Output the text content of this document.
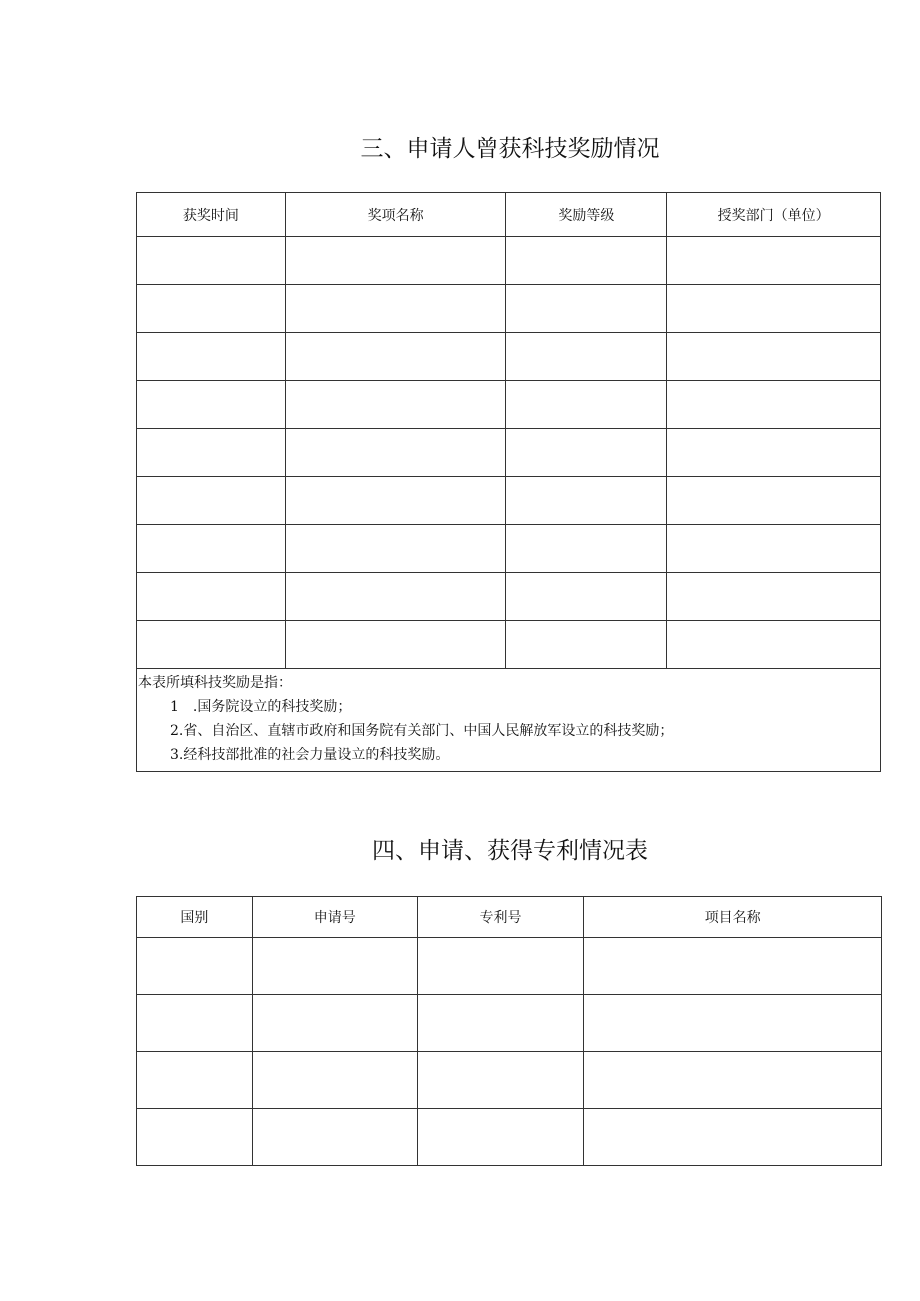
三、申请人曾获科技奖励情况
获奖时间	奖项名称	奖励等级	授奖部门（单位）

本表所填科技奖励是指：
1　.国务院设立的科技奖励；
2.省、自治区、直辖市政府和国务院有关部门、中国人民解放军设立的科技奖励；
3.经科技部批准的社会力量设立的科技奖励。			
四、申请、获得专利情况表
国别	申请号	专利号	项目名称
